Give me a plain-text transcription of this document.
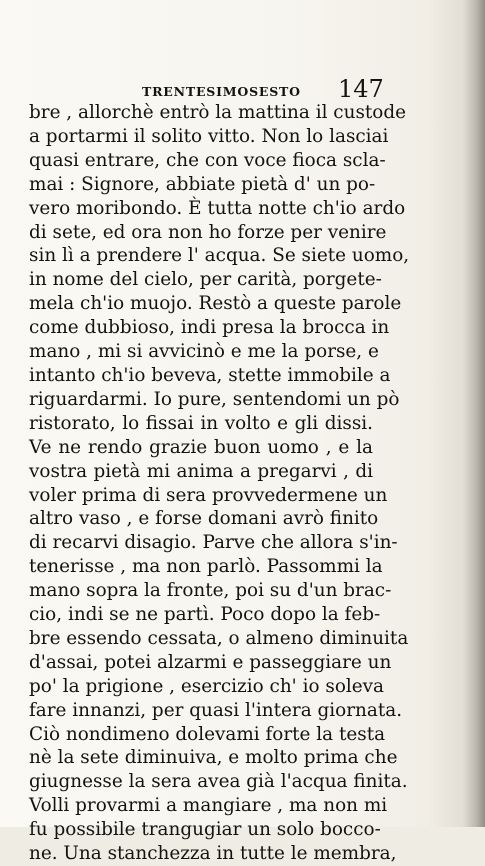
TRENTESIMOSESTO 147
bre , allorchè entrò la mattina il custode
a portarmi il solito vitto. Non lo lasciai
quasi entrare, che con voce fioca scla-
mai : Signore, abbiate pietà d' un po-
vero moribondo. È tutta notte ch'io ardo
di sete, ed ora non ho forze per venire
sin lì a prendere l' acqua. Se siete uomo,
in nome del cielo, per carità, porgete-
mela ch'io muojo. Restò a queste parole
come dubbioso, indi presa la brocca in
mano , mi si avvicinò e me la porse, e
intanto ch'io beveva, stette immobile a
riguardarmi. Io pure, sentendomi un pò
ristorato, lo fissai in volto e gli dissi.
Ve ne rendo grazie buon uomo , e la
vostra pietà mi anima a pregarvi , di
voler prima di sera provvedermene un
altro vaso , e forse domani avrò finito
di recarvi disagio. Parve che allora s'in-
tenerisse , ma non parlò. Passommi la
mano sopra la fronte, poi su d'un brac-
cio, indi se ne partì. Poco dopo la feb-
bre essendo cessata, o almeno diminuita
d'assai, potei alzarmi e passeggiare un
po' la prigione , esercizio ch' io soleva
fare innanzi, per quasi l'intera giornata.
Ciò nondimeno dolevami forte la testa
nè la sete diminuiva, e molto prima che
giugnesse la sera avea già l'acqua finita.
Volli provarmi a mangiare , ma non mi
fu possibile trangugiar un solo bocco-
ne. Una stanchezza in tutte le membra,
